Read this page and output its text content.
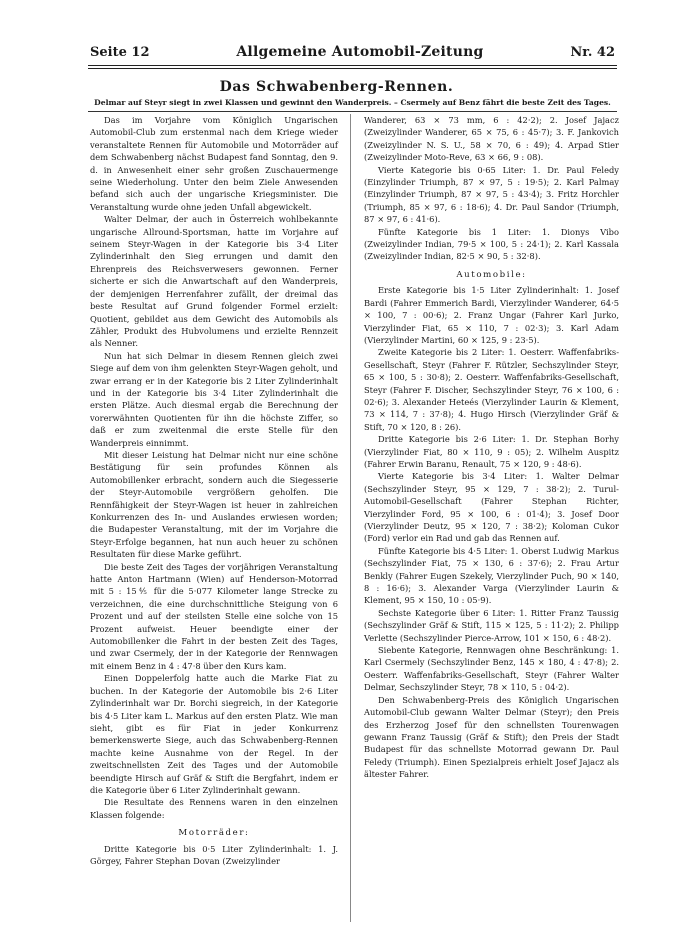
Seite 12	Allgemeine Automobil-Zeitung	Nr. 42
Das Schwabenberg-Rennen.
Delmar auf Steyr siegt in zwei Klassen und gewinnt den Wanderpreis. – Csermely auf Benz fährt die beste Zeit des Tages.

Das im Vorjahre vom Königlich Ungarischen Automobil-Club zum erstenmal nach dem Kriege wieder veranstaltete Rennen für Automobile und Motorräder auf dem Schwabenberg nächst Budapest fand Sonntag, den 9. d. in Anwesenheit einer sehr großen Zuschauermenge seine Wiederholung. Unter den beim Ziele Anwesenden befand sich auch der ungarische Kriegsminister. Die Veranstaltung wurde ohne jeden Unfall abgewickelt.

Walter Delmar, der auch in Österreich wohlbekannte ungarische Allround-Sportsman, hatte im Vorjahre auf seinem Steyr-Wagen in der Kategorie bis 3·4 Liter Zylinderinhalt den Sieg errungen und damit den Ehrenpreis des Reichsverwesers gewonnen. Ferner sicherte er sich die Anwartschaft auf den Wanderpreis, der demjenigen Herrenfahrer zufällt, der dreimal das beste Resultat auf Grund folgender Formel erzielt: Quotient, gebildet aus dem Gewicht des Automobils als Zähler, Produkt des Hubvolumens und erzielte Rennzeit als Nenner.

Nun hat sich Delmar in diesem Rennen gleich zwei Siege auf dem von ihm gelenkten Steyr-Wagen geholt, und zwar errang er in der Kategorie bis 2 Liter Zylinderinhalt und in der Kategorie bis 3·4 Liter Zylinderinhalt die ersten Plätze. Auch diesmal ergab die Berechnung der vorerwähnten Quotienten für ihn die höchste Ziffer, so daß er zum zweitenmal die erste Stelle für den Wanderpreis einnimmt.

Mit dieser Leistung hat Delmar nicht nur eine schöne Bestätigung für sein profundes Können als Automobillenker erbracht, sondern auch die Siegesserie der Steyr-Automobile vergrößern geholfen. Die Rennfähigkeit der Steyr-Wagen ist heuer in zahlreichen Konkurrenzen des In- und Auslandes erwiesen worden; die Budapester Veranstaltung, mit der im Vorjahre die Steyr-Erfolge begannen, hat nun auch heuer zu schönen Resultaten für diese Marke geführt.

Die beste Zeit des Tages der vorjährigen Veranstaltung hatte Anton Hartmann (Wien) auf Henderson-Motorrad mit 5 : 15⅘ für die 5·077 Kilometer lange Strecke zu verzeichnen, die eine durchschnittliche Steigung von 6 Prozent und auf der steilsten Stelle eine solche von 15 Prozent aufweist. Heuer beendigte einer der Automobillenker die Fahrt in der besten Zeit des Tages, und zwar Csermely, der in der Kategorie der Rennwagen mit einem Benz in 4 : 47·8 über den Kurs kam.

Einen Doppelerfolg hatte auch die Marke Fiat zu buchen. In der Kategorie der Automobile bis 2·6 Liter Zylinderinhalt war Dr. Borchi siegreich, in der Kategorie bis 4·5 Liter kam L. Markus auf den ersten Platz. Wie man sieht, gibt es für Fiat in jeder Konkurrenz bemerkenswerte Siege, auch das Schwabenberg-Rennen machte keine Ausnahme von der Regel. In der zweitschnellsten Zeit des Tages und der Automobile beendigte Hirsch auf Gräf & Stift die Bergfahrt, indem er die Kategorie über 6 Liter Zylinderinhalt gewann.

Die Resultate des Rennens waren in den einzelnen Klassen folgende:

Motorräder:

Dritte Kategorie bis 0·5 Liter Zylinderinhalt: 1. J. Görgey, Fahrer Stephan Dovan (Zweizylinder

Wanderer, 63 × 73 mm, 6 : 42·2); 2. Josef Jajacz (Zweizylinder Wanderer, 65 × 75, 6 : 45·7); 3. F. Jankovich (Zweizylinder N. S. U., 58 × 70, 6 : 49); 4. Arpad Stier (Zweizylinder Moto-Reve, 63 × 66, 9 : 08).

Vierte Kategorie bis 0·65 Liter: 1. Dr. Paul Feledy (Einzylinder Triumph, 87 × 97, 5 : 19·5); 2. Karl Palmay (Einzylinder Triumph, 87 × 97, 5 : 43·4); 3. Fritz Horchler (Triumph, 85 × 97, 6 : 18·6); 4. Dr. Paul Sandor (Triumph, 87 × 97, 6 : 41·6).

Fünfte Kategorie bis 1 Liter: 1. Dionys Vibo (Zweizylinder Indian, 79·5 × 100, 5 : 24·1); 2. Karl Kassala (Zweizylinder Indian, 82·5 × 90, 5 : 32·8).

Automobile:

Erste Kategorie bis 1·5 Liter Zylinderinhalt: 1. Josef Bardi (Fahrer Emmerich Bardi, Vierzylinder Wanderer, 64·5 × 100, 7 : 00·6); 2. Franz Ungar (Fahrer Karl Jurko, Vierzylinder Fiat, 65 × 110, 7 : 02·3); 3. Karl Adam (Vierzylinder Martini, 60 × 125, 9 : 23·5).

Zweite Kategorie bis 2 Liter: 1. Oesterr. Waffenfabriks-Gesellschaft, Steyr (Fahrer F. Rützler, Sechszylinder Steyr, 65 × 100, 5 : 30·8); 2. Oesterr. Waffenfabriks-Gesellschaft, Steyr (Fahrer F. Discher, Sechszylinder Steyr, 76 × 100, 6 : 02·6); 3. Alexander Heteés (Vierzylinder Laurin & Klement, 73 × 114, 7 : 37·8); 4. Hugo Hirsch (Vierzylinder Gräf & Stift, 70 × 120, 8 : 26).

Dritte Kategorie bis 2·6 Liter: 1. Dr. Stephan Borhy (Vierzylinder Fiat, 80 × 110, 9 : 05); 2. Wilhelm Auspitz (Fahrer Erwin Baranu, Renault, 75 × 120, 9 : 48·6).

Vierte Kategorie bis 3·4 Liter: 1. Walter Delmar (Sechszylinder Steyr, 95 × 129, 7 : 38·2); 2. Turul-Automobil-Gesellschaft (Fahrer Stephan Richter, Vierzylinder Ford, 95 × 100, 6 : 01·4); 3. Josef Door (Vierzylinder Deutz, 95 × 120, 7 : 38·2); Koloman Cukor (Ford) verlor ein Rad und gab das Rennen auf.

Fünfte Kategorie bis 4·5 Liter: 1. Oberst Ludwig Markus (Sechszylinder Fiat, 75 × 130, 6 : 37·6); 2. Frau Artur Benkly (Fahrer Eugen Szekely, Vierzylinder Puch, 90 × 140, 8 : 16·6); 3. Alexander Varga (Vierzylinder Laurin & Klement, 95 × 150, 10 : 05·9).

Sechste Kategorie über 6 Liter: 1. Ritter Franz Taussig (Sechszylinder Gräf & Stift, 115 × 125, 5 : 11·2); 2. Philipp Verlette (Sechszylinder Pierce-Arrow, 101 × 150, 6 : 48·2).

Siebente Kategorie, Rennwagen ohne Beschränkung: 1. Karl Csermely (Sechszylinder Benz, 145 × 180, 4 : 47·8); 2. Oesterr. Waffenfabriks-Gesellschaft, Steyr (Fahrer Walter Delmar, Sechszylinder Steyr, 78 × 110, 5 : 04·2).

Den Schwabenberg-Preis des Königlich Ungarischen Automobil-Club gewann Walter Delmar (Steyr); den Preis des Erzherzog Josef für den schnellsten Tourenwagen gewann Franz Taussig (Gräf & Stift); den Preis der Stadt Budapest für das schnellste Motorrad gewann Dr. Paul Feledy (Triumph). Einen Spezialpreis erhielt Josef Jajacz als ältester Fahrer.
